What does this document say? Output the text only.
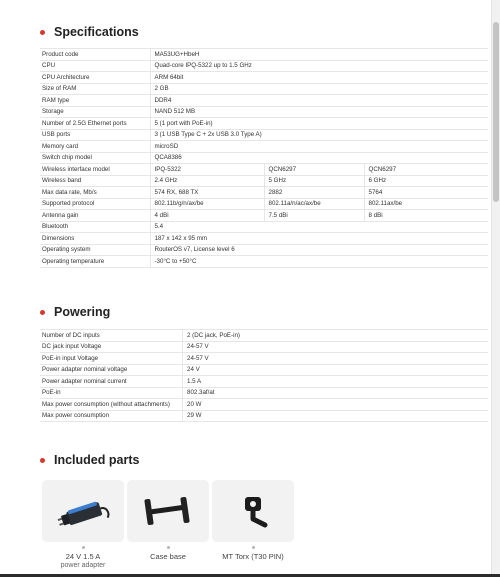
Specifications
Product code	MA53UG+HbeH		
CPU	Quad-core IPQ-5322 up to 1.5 GHz		
CPU Architecture	ARM 64bit		
Size of RAM	2 GB		
RAM type	DDR4		
Storage	NAND 512 MB		
Number of 2.5G Ethernet ports	5 (1 port with PoE-in)		
USB ports	3 (1 USB Type C + 2x USB 3.0 Type A)		
Memory card	microSD		
Switch chip model	QCA8386		
Wireless interface model	IPQ-5322	QCN6297	QCN6297
Wireless band	2.4 GHz	5 GHz	6 GHz
Max data rate, Mb/s	574 RX, 688 TX	2882	5764
Supported protocol	802.11b/g/n/ax/be	802.11a/n/ac/ax/be	802.11ax/be
Antenna gain	4 dBi	7.5 dBi	8 dBi
Bluetooth	5.4		
Dimensions	187 x 142 x 95 mm		
Operating system	RouterOS v7, License level 6		
Operating temperature	-30°C to +50°C		
Powering
Number of DC inputs	2 (DC jack, PoE-in)
DC jack input Voltage	24-57 V
PoE-in input Voltage	24-57 V
Power adapter nominal voltage	24 V
Power adapter nominal current	1.5 A
PoE-in	802.3af/at
Max power consumption (without attachments)	20 W
Max power consumption	29 W
Included parts
24 V 1.5 A
power adapter
Case base	MT Torx (T30 PIN)
